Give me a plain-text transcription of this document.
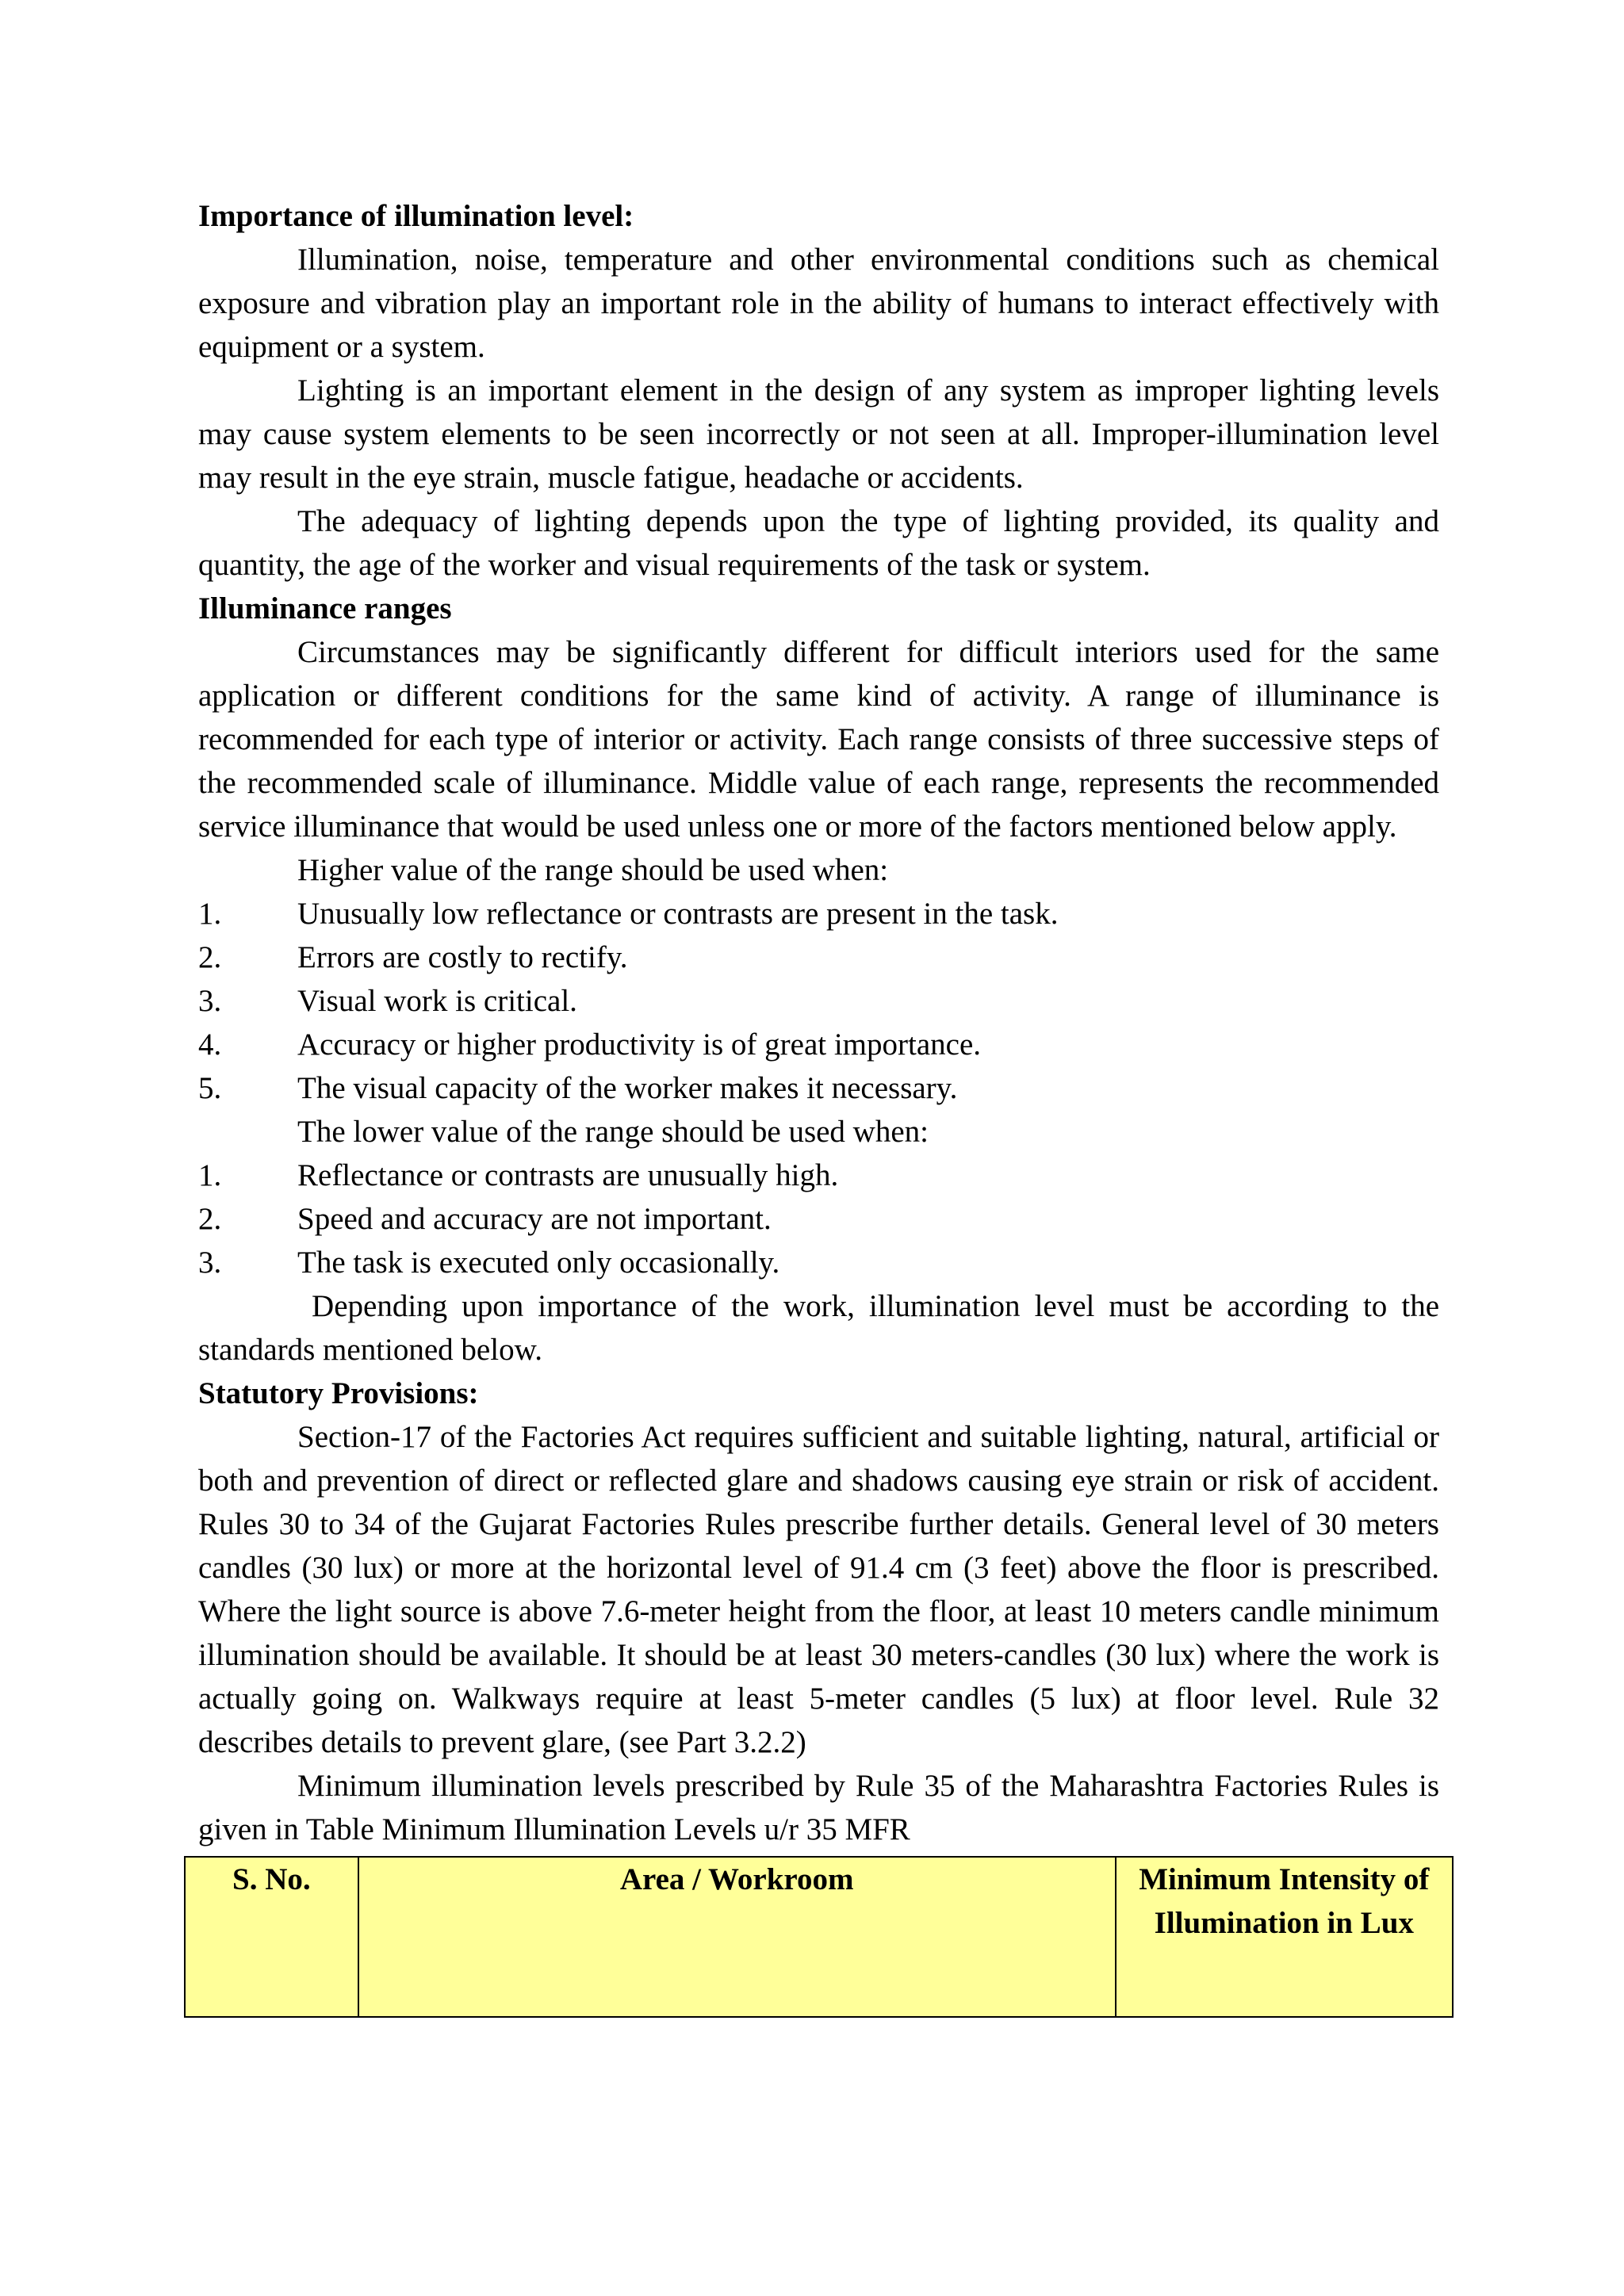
Importance of illumination level:

Illumination, noise, temperature and other environmental conditions such as chemical exposure and vibration play an important role in the ability of humans to interact effectively with equipment or a system.

Lighting is an important element in the design of any system as improper lighting levels may cause system elements to be seen incorrectly or not seen at all. Improper-illumination level may result in the eye strain, muscle fatigue, headache or accidents.

The adequacy of lighting depends upon the type of lighting provided, its quality and quantity, the age of the worker and visual requirements of the task or system.

Illuminance ranges

Circumstances may be significantly different for difficult interiors used for the same application or different conditions for the same kind of activity. A range of illuminance is recommended for each type of interior or activity. Each range consists of three successive steps of the recommended scale of illuminance. Middle value of each range, represents the recommended service illuminance that would be used unless one or more of the factors mentioned below apply.

Higher value of the range should be used when:

1.	Unusually low reflectance or contrasts are present in the task.
2.	Errors are costly to rectify.
3.	Visual work is critical.
4.	Accuracy or higher productivity is of great importance.
5.	The visual capacity of the worker makes it necessary.

The lower value of the range should be used when:

1.	Reflectance or contrasts are unusually high.
2.	Speed and accuracy are not important.
3.	The task is executed only occasionally.

Depending upon importance of the work, illumination level must be according to the standards mentioned below.

Statutory Provisions:

Section-17 of the Factories Act requires sufficient and suitable lighting, natural, artificial or both and prevention of direct or reflected glare and shadows causing eye strain or risk of accident. Rules 30 to 34 of the Gujarat Factories Rules prescribe further details. General level of 30 meters candles (30 lux) or more at the horizontal level of 91.4 cm (3 feet) above the floor is prescribed. Where the light source is above 7.6-meter height from the floor, at least 10 meters candle minimum illumination should be available. It should be at least 30 meters-candles (30 lux) where the work is actually going on. Walkways require at least 5-meter candles (5 lux) at floor level. Rule 32 describes details to prevent glare, (see Part 3.2.2)

Minimum illumination levels prescribed by Rule 35 of the Maharashtra Factories Rules is given in Table Minimum Illumination Levels u/r 35 MFR

S. No.	Area / Workroom	Minimum Intensity of Illumination in Lux
